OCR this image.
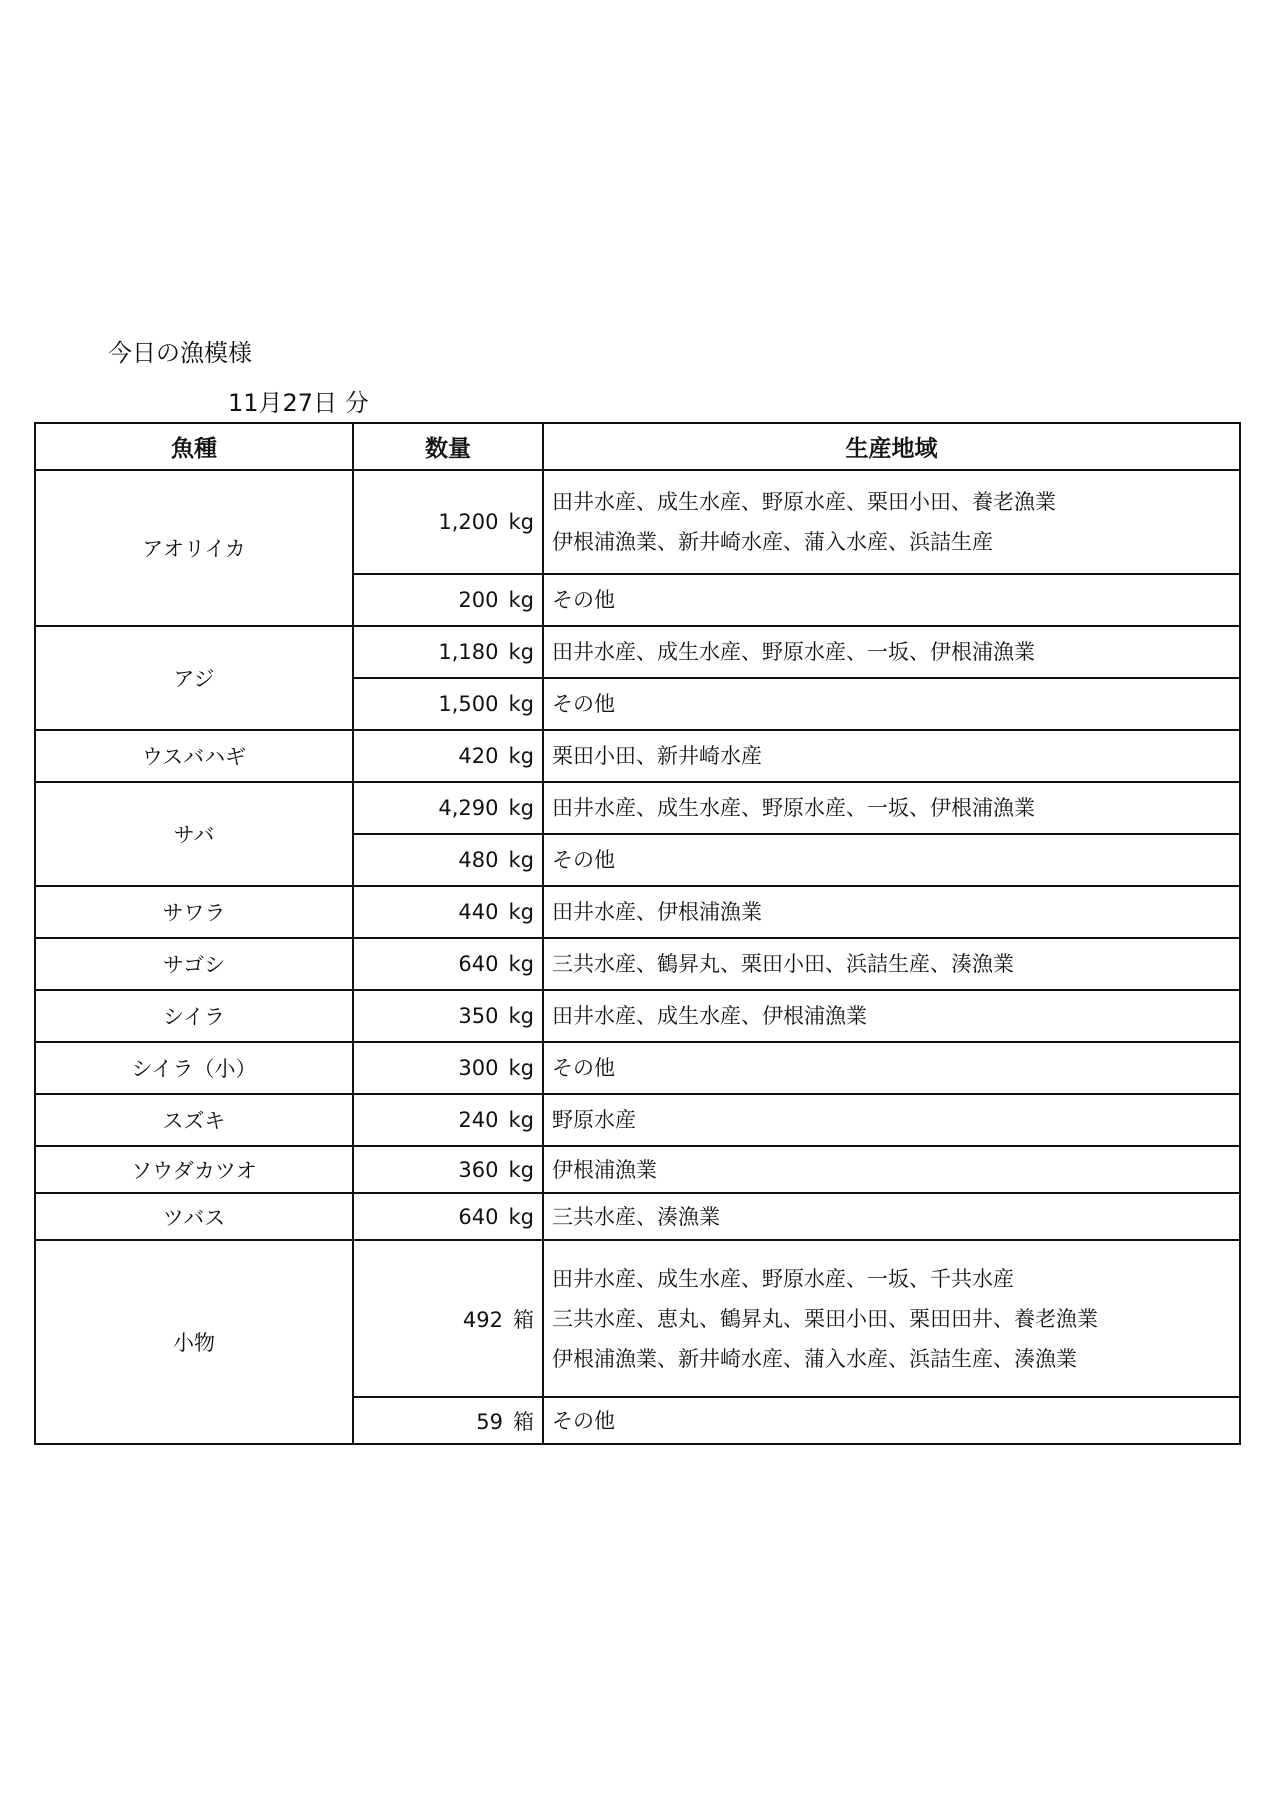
今日の漁模様
11月27日 分
魚種	数量	生産地域
アオリイカ	1,200 kg	田井水産、成生水産、野原水産、栗田小田、養老漁業
伊根浦漁業、新井崎水産、蒲入水産、浜詰生産

	200 kg	その他

アジ	1,180 kg	田井水産、成生水産、野原水産、一坂、伊根浦漁業

	1,500 kg	その他

ウスバハギ	420 kg	栗田小田、新井崎水産

サバ	4,290 kg	田井水産、成生水産、野原水産、一坂、伊根浦漁業

	480 kg	その他

サワラ	440 kg	田井水産、伊根浦漁業

サゴシ	640 kg	三共水産、鶴昇丸、栗田小田、浜詰生産、湊漁業

シイラ	350 kg	田井水産、成生水産、伊根浦漁業

シイラ（小）	300 kg	その他

スズキ	240 kg	野原水産

ソウダカツオ	360 kg	伊根浦漁業

ツバス	640 kg	三共水産、湊漁業

小物	492 箱	田井水産、成生水産、野原水産、一坂、千共水産
三共水産、恵丸、鶴昇丸、栗田小田、栗田田井、養老漁業
伊根浦漁業、新井崎水産、蒲入水産、浜詰生産、湊漁業

	59 箱	その他
